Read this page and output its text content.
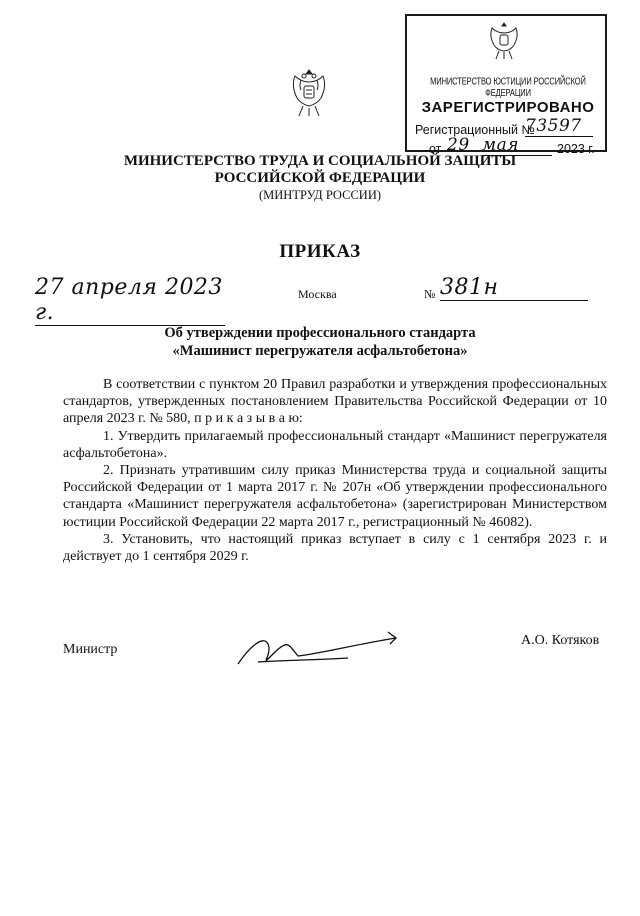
МИНИСТЕРСТВО ЮСТИЦИИ РОССИЙСКОЙ ФЕДЕРАЦИИ
ЗАРЕГИСТРИРОВАНО
Регистрационный №
73597
от 29 мая	2023 г.
МИНИСТЕРСТВО ТРУДА И СОЦИАЛЬНОЙ ЗАЩИТЫ
РОССИЙСКОЙ ФЕДЕРАЦИИ
(МИНТРУД РОССИИ)
ПРИКАЗ
27 апреля 2023 г.
Москва	№ 381н
Об утверждении профессионального стандарта
«Машинист перегружателя асфальтобетона»

В соответствии с пунктом 20 Правил разработки и утверждения профессиональных стандартов, утвержденных постановлением Правительства Российской Федерации от 10 апреля 2023 г. № 580, п р и к а з ы в а ю:

1. Утвердить прилагаемый профессиональный стандарт «Машинист перегружателя асфальтобетона».

2. Признать утратившим силу приказ Министерства труда и социальной защиты Российской Федерации от 1 марта 2017 г. № 207н «Об утверждении профессионального стандарта «Машинист перегружателя асфальтобетона» (зарегистрирован Министерством юстиции Российской Федерации 22 марта 2017 г., регистрационный № 46082).

3. Установить, что настоящий приказ вступает в силу с 1 сентября 2023 г. и действует до 1 сентября 2029 г.

Министр
А.О. Котяков
